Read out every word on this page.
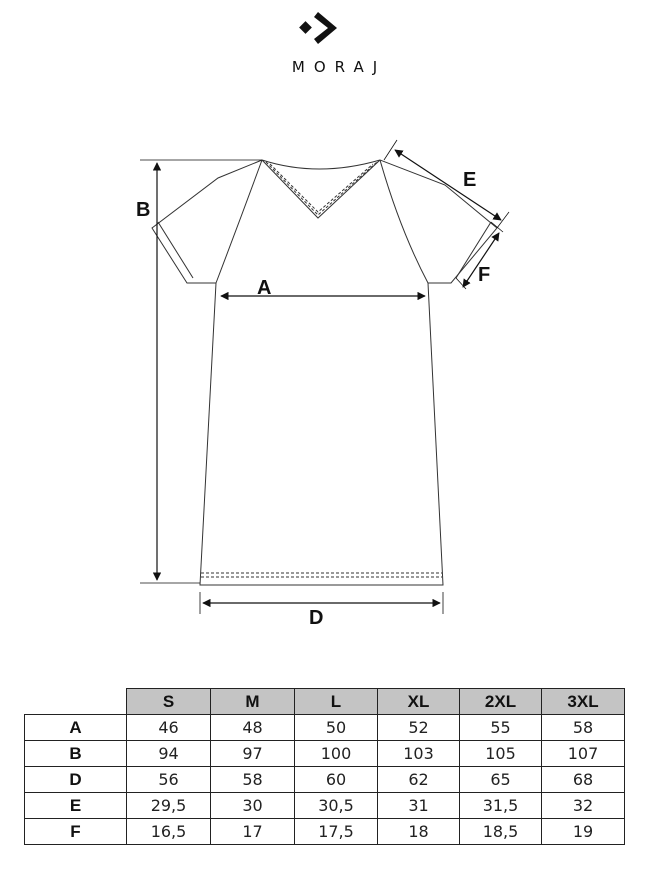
MORAJ
B
A
D
E
F
	S	M	L	XL	2XL	3XL
A	46	48	50	52	55	58
B	94	97	100	103	105	107
D	56	58	60	62	65	68
E	29,5	30	30,5	31	31,5	32
F	16,5	17	17,5	18	18,5	19
